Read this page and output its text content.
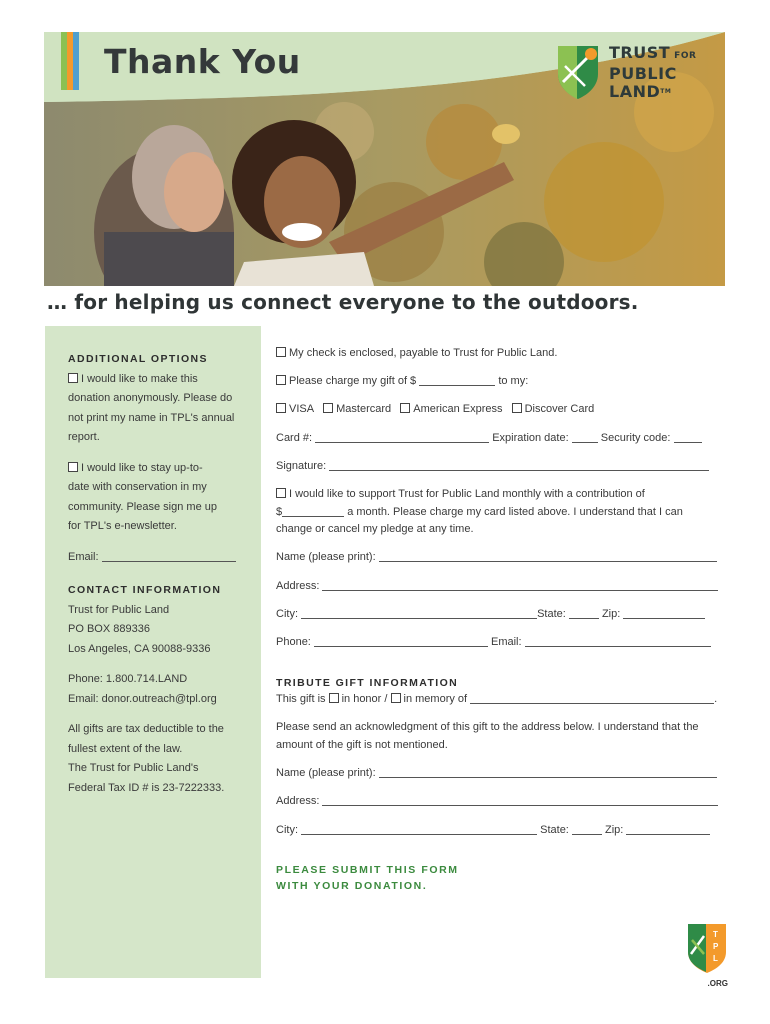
Thank You	TRUST FOR
PUBLIC
LAND™
… for helping us connect everyone to the outdoors.
ADDITIONAL OPTIONS
I would like to make this
donation anonymously. Please do
not print my name in TPL's annual
report.
I would like to stay up-to-
date with conservation in my
community. Please sign me up
for TPL's e-newsletter.
Email:
CONTACT INFORMATION
Trust for Public Land
PO BOX 889336
Los Angeles, CA 90088-9336
Phone: 1.800.714.LAND
Email: donor.outreach@tpl.org
All gifts are tax deductible to the
fullest extent of the law.
The Trust for Public Land's
Federal Tax ID # is 23-7222333.
My check is enclosed, payable to Trust for Public Land.
Please charge my gift of $	to my:
VISA Mastercard American Express Discover Card
Card #:	Expiration date:	Security code:
Signature:
I would like to support Trust for Public Land monthly with a contribution of
$	a month. Please charge my card listed above. I understand that I can
change or cancel my pledge at any time.
Name (please print):
Address:
City:	State:	Zip:
Phone:	Email:
TRIBUTE GIFT INFORMATION
This gift is in honor / in memory of	.
Please send an acknowledgment of this gift to the address below. I understand that the
amount of the gift is not mentioned.
Name (please print):
Address:
City:	State:	Zip:
PLEASE SUBMIT THIS FORM
WITH YOUR DONATION.
T
P
L
.ORG
